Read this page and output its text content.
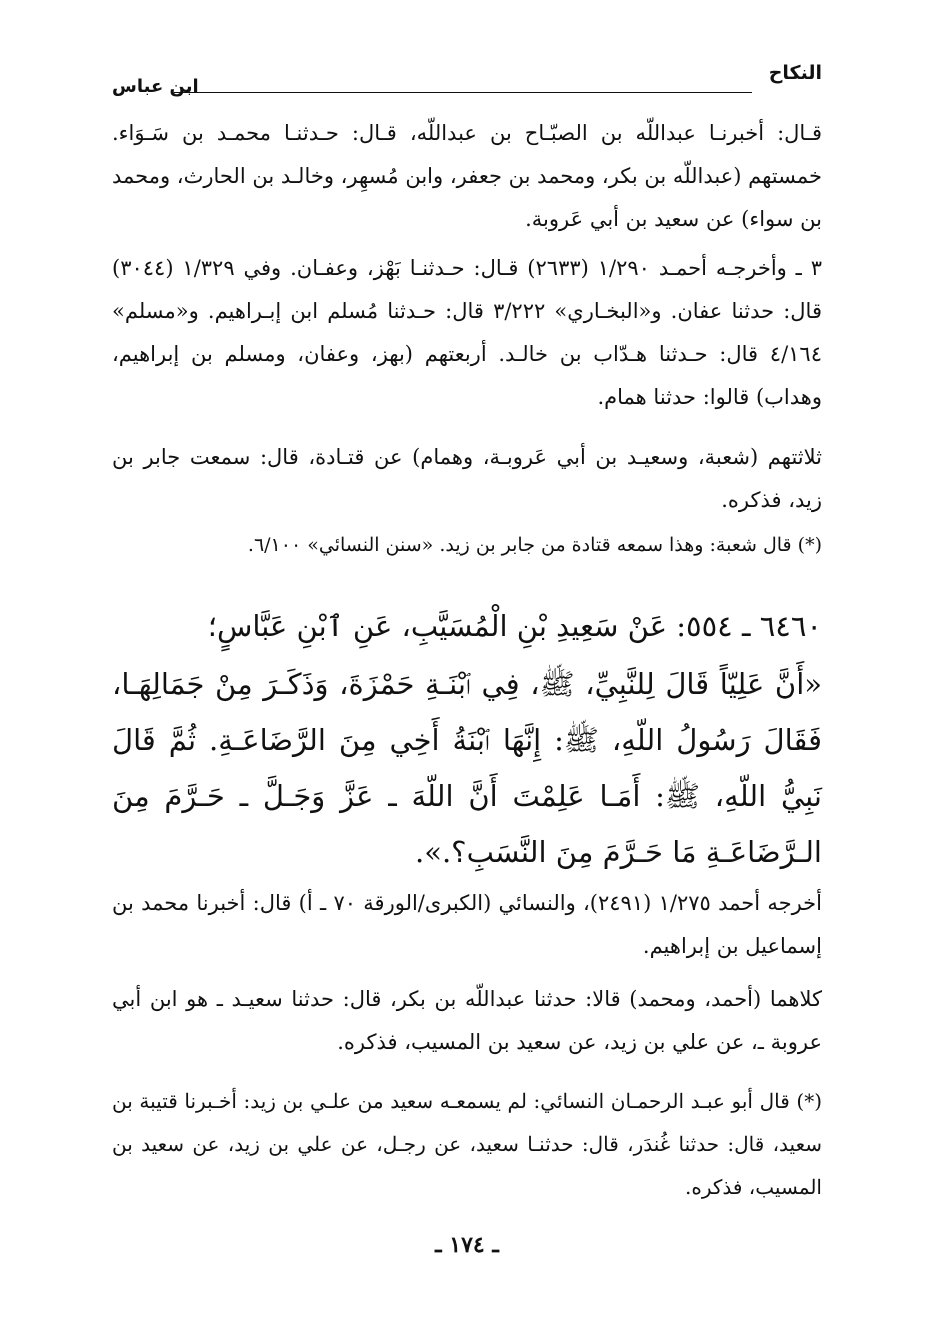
النكاح
ابن عباس

قـال: أخبرنـا عبداللّه بن الصبّـاح بن عبداللّه، قـال: حـدثنـا محمـد بن سَـوَاء. خمستهم (عبداللّه بن بكر، ومحمد بن جعفر، وابن مُسهِر، وخالـد بن الحارث، ومحمد بن سواء) عن سعيد بن أبي عَروبة.

٣ ـ وأخرجـه أحمـد ١/٢٩٠ (٢٦٣٣) قـال: حـدثنـا بَهْز، وعفـان. وفي ١/٣٢٩ (٣٠٤٤) قال: حدثنا عفان. و«البخـاري» ٣/٢٢٢ قال: حـدثنا مُسلم ابن إبـراهيم. و«مسلم» ٤/١٦٤ قال: حـدثنا هـدّاب بن خالـد. أربعتهم (بهز، وعفان، ومسلم بن إبراهيم، وهداب) قالوا: حدثنا همام.

ثلاثتهم (شعبة، وسعيـد بن أبي عَروبـة، وهمام) عن قتـادة، قال: سمعت جابر بن زيد، فذكره.

(*) قال شعبة: وهذا سمعه قتادة من جابر بن زيد. «سنن النسائي» ٦/١٠٠.

٦٤٦٠ ـ ٥٥٤: عَنْ سَعِيدِ بْنِ الْمُسَيَّبِ، عَنِ ٱبْنِ عَبَّاسٍ؛

«أَنَّ عَلِيّاً قَالَ لِلنَّبِيِّ، ﷺ، فِي ٱبْنَـةِ حَمْزَةَ، وَذَكَـرَ مِنْ جَمَالِهَـا، فَقَالَ رَسُولُ اللّهِ، ﷺ: إِنَّهَا ٱبْنَةُ أَخِي مِنَ الرَّضَاعَـةِ. ثُمَّ قَالَ نَبِيُّ اللّهِ، ﷺ: أَمَـا عَلِمْتَ أَنَّ اللّهَ ـ عَزَّ وَجَـلَّ ـ حَـرَّمَ مِنَ الـرَّضَاعَـةِ مَا حَـرَّمَ مِنَ النَّسَبِ؟.».

أخرجه أحمد ١/٢٧٥ (٢٤٩١)، والنسائي (الكبرى/الورقة ٧٠ ـ أ) قال: أخبرنا محمد بن إسماعيل بن إبراهيم.

كلاهما (أحمد، ومحمد) قالا: حدثنا عبداللّه بن بكر، قال: حدثنا سعيـد ـ هو ابن أبي عروبة ـ، عن علي بن زيد، عن سعيد بن المسيب، فذكره.

(*) قال أبو عبـد الرحمـان النسائي: لم يسمعـه سعيد من علـي بن زيد: أخـبرنا قتيبة بن سعيد، قال: حدثنا غُندَر، قال: حدثنـا سعيد، عن رجـل، عن علي بن زيد، عن سعيد بن المسيب، فذكره.

ـ ١٧٤ ـ
